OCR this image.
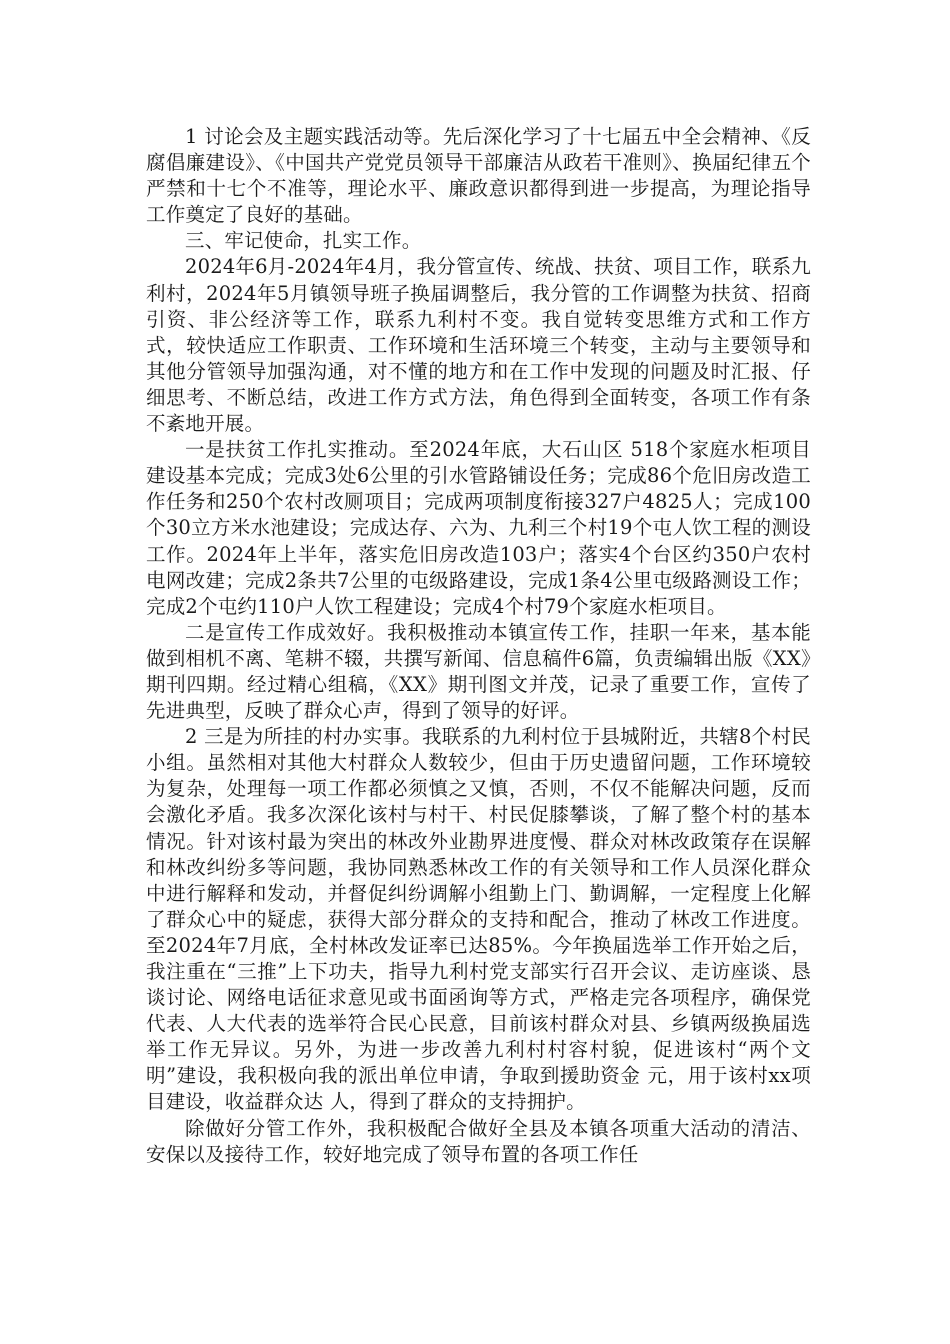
1 讨论会及主题实践活动等。先后深化学习了十七届五中全会精神、《反腐倡廉建设》、《中国共产党党员领导干部廉洁从政若干准则》、换届纪律五个严禁和十七个不准等，理论水平、廉政意识都得到进一步提高，为理论指导工作奠定了良好的基础。

三、牢记使命，扎实工作。

2024年6月-2024年4月，我分管宣传、统战、扶贫、项目工作，联系九利村，2024年5月镇领导班子换届调整后，我分管的工作调整为扶贫、招商引资、非公经济等工作，联系九利村不变。我自觉转变思维方式和工作方式，较快适应工作职责、工作环境和生活环境三个转变，主动与主要领导和其他分管领导加强沟通，对不懂的地方和在工作中发现的问题及时汇报、仔细思考、不断总结，改进工作方式方法，角色得到全面转变，各项工作有条不紊地开展。

一是扶贫工作扎实推动。至2024年底，大石山区 518个家庭水柜项目建设基本完成；完成3处6公里的引水管路铺设任务；完成86个危旧房改造工作任务和250个农村改厕项目；完成两项制度衔接327户4825人；完成100个30立方米水池建设；完成达存、六为、九利三个村19个屯人饮工程的测设工作。2024年上半年，落实危旧房改造103户；落实4个台区约350户农村电网改建；完成2条共7公里的屯级路建设，完成1条4公里屯级路测设工作；完成2个屯约110户人饮工程建设；完成4个村79个家庭水柜项目。

二是宣传工作成效好。我积极推动本镇宣传工作，挂职一年来，基本能做到相机不离、笔耕不辍，共撰写新闻、信息稿件6篇，负责编辑出版《XX》期刊四期。经过精心组稿，《XX》期刊图文并茂，记录了重要工作，宣传了先进典型，反映了群众心声，得到了领导的好评。

2 三是为所挂的村办实事。我联系的九利村位于县城附近，共辖8个村民小组。虽然相对其他大村群众人数较少，但由于历史遗留问题，工作环境较为复杂，处理每一项工作都必须慎之又慎，否则，不仅不能解决问题，反而会激化矛盾。我多次深化该村与村干、村民促膝攀谈，了解了整个村的基本情况。针对该村最为突出的林改外业勘界进度慢、群众对林改政策存在误解和林改纠纷多等问题，我协同熟悉林改工作的有关领导和工作人员深化群众中进行解释和发动，并督促纠纷调解小组勤上门、勤调解，一定程度上化解了群众心中的疑虑，获得大部分群众的支持和配合，推动了林改工作进度。至2024年7月底，全村林改发证率已达85%。今年换届选举工作开始之后，我注重在“三推”上下功夫，指导九利村党支部实行召开会议、走访座谈、恳谈讨论、网络电话征求意见或书面函询等方式，严格走完各项程序，确保党代表、人大代表的选举符合民心民意，目前该村群众对县、乡镇两级换届选举工作无异议。另外，为进一步改善九利村村容村貌，促进该村“两个文明”建设，我积极向我的派出单位申请，争取到援助资金 元，用于该村xx项目建设，收益群众达 人，得到了群众的支持拥护。

除做好分管工作外，我积极配合做好全县及本镇各项重大活动的清洁、安保以及接待工作，较好地完成了领导布置的各项工作任
